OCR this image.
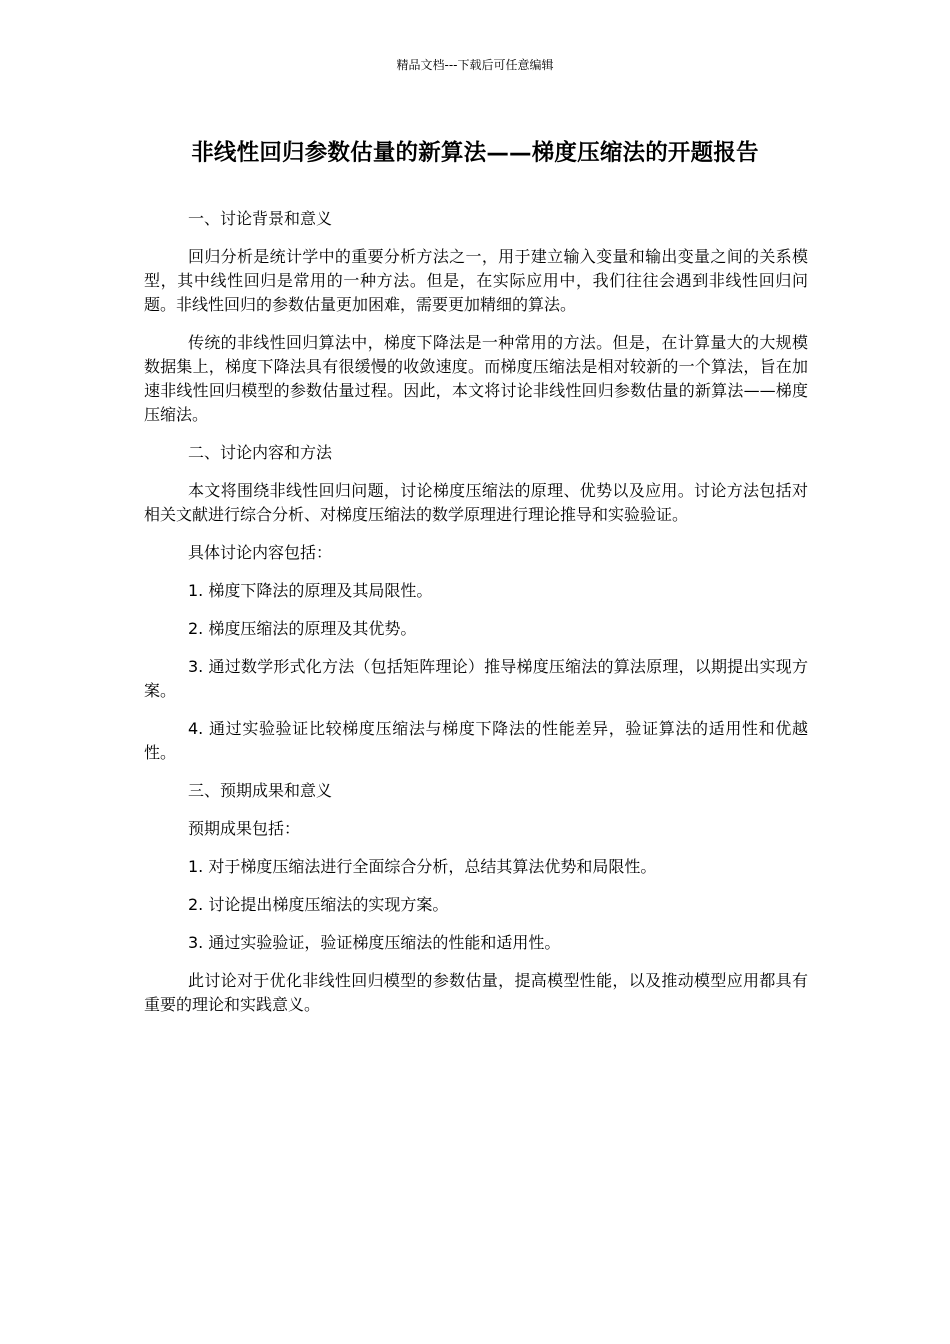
精品文档---下载后可任意编辑
非线性回归参数估量的新算法——梯度压缩法的开题报告

一、讨论背景和意义

回归分析是统计学中的重要分析方法之一，用于建立输入变量和输出变量之间的关系模型，其中线性回归是常用的一种方法。但是，在实际应用中，我们往往会遇到非线性回归问题。非线性回归的参数估量更加困难，需要更加精细的算法。

传统的非线性回归算法中，梯度下降法是一种常用的方法。但是，在计算量大的大规模数据集上，梯度下降法具有很缓慢的收敛速度。而梯度压缩法是相对较新的一个算法，旨在加速非线性回归模型的参数估量过程。因此，本文将讨论非线性回归参数估量的新算法——梯度压缩法。

二、讨论内容和方法

本文将围绕非线性回归问题，讨论梯度压缩法的原理、优势以及应用。讨论方法包括对相关文献进行综合分析、对梯度压缩法的数学原理进行理论推导和实验验证。

具体讨论内容包括：

1. 梯度下降法的原理及其局限性。

2. 梯度压缩法的原理及其优势。

3. 通过数学形式化方法（包括矩阵理论）推导梯度压缩法的算法原理，以期提出实现方案。

4. 通过实验验证比较梯度压缩法与梯度下降法的性能差异，验证算法的适用性和优越性。

三、预期成果和意义

预期成果包括：

1. 对于梯度压缩法进行全面综合分析，总结其算法优势和局限性。

2. 讨论提出梯度压缩法的实现方案。

3. 通过实验验证，验证梯度压缩法的性能和适用性。

此讨论对于优化非线性回归模型的参数估量，提高模型性能，以及推动模型应用都具有重要的理论和实践意义。
